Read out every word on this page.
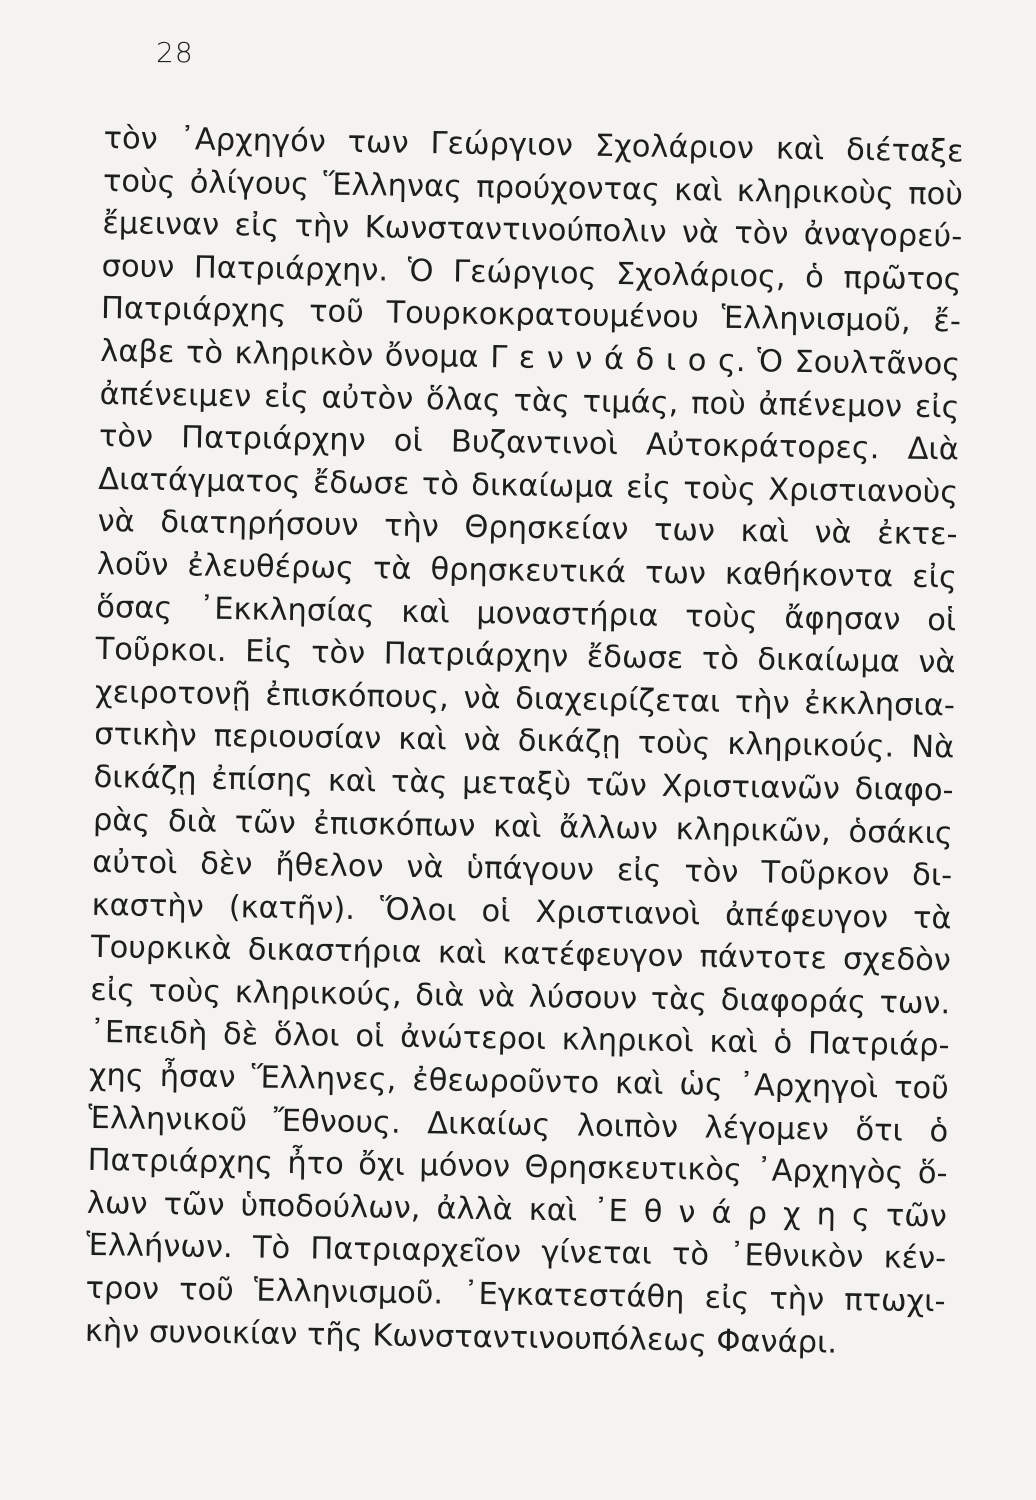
28
τὸν ᾿Αρχηγόν των Γεώργιον Σχολάριον καὶ διέταξε
τοὺς ὀλίγους Ἕλληνας προύχοντας καὶ κληρικοὺς ποὺ
ἔμειναν εἰς τὴν Κωνσταντινούπολιν νὰ τὸν ἀναγορεύ-
σουν Πατριάρχην. Ὁ Γεώργιος Σχολάριος, ὁ πρῶτος
Πατριάρχης τοῦ Τουρκοκρατουμένου Ἑλληνισμοῦ, ἔ-
λαβε τὸ κληρικὸν ὄνομα Γ ε ν ν ά δ ι ο ς. Ὁ Σουλτᾶνος
ἀπένειμεν εἰς αὐτὸν ὅλας τὰς τιμάς, ποὺ ἀπένεμον εἰς
τὸν Πατριάρχην οἱ Βυζαντινοὶ Αὐτοκράτορες. Διὰ
Διατάγματος ἔδωσε τὸ δικαίωμα εἰς τοὺς Χριστιανοὺς
νὰ διατηρήσουν τὴν Θρησκείαν των καὶ νὰ ἐκτε-
λοῦν ἐλευθέρως τὰ θρησκευτικά των καθήκοντα εἰς
ὅσας ᾿Εκκλησίας καὶ μοναστήρια τοὺς ἄφησαν οἱ
Τοῦρκοι. Εἰς τὸν Πατριάρχην ἔδωσε τὸ δικαίωμα νὰ
χειροτονῇ ἐπισκόπους, νὰ διαχειρίζεται τὴν ἐκκλησια-
στικὴν περιουσίαν καὶ νὰ δικάζῃ τοὺς κληρικούς. Νὰ
δικάζῃ ἐπίσης καὶ τὰς μεταξὺ τῶν Χριστιανῶν διαφο-
ρὰς διὰ τῶν ἐπισκόπων καὶ ἄλλων κληρικῶν, ὁσάκις
αὐτοὶ δὲν ἤθελον νὰ ὑπάγουν εἰς τὸν Τοῦρκον δι-
καστὴν (κατῆν). Ὅλοι οἱ Χριστιανοὶ ἀπέφευγον τὰ
Τουρκικὰ δικαστήρια καὶ κατέφευγον πάντοτε σχεδὸν
εἰς τοὺς κληρικούς, διὰ νὰ λύσουν τὰς διαφοράς των.
᾿Επειδὴ δὲ ὅλοι οἱ ἀνώτεροι κληρικοὶ καὶ ὁ Πατριάρ-
χης ἦσαν Ἕλληνες, ἐθεωροῦντο καὶ ὡς ᾿Αρχηγοὶ τοῦ
Ἑλληνικοῦ Ἔθνους. Δικαίως λοιπὸν λέγομεν ὅτι ὁ
Πατριάρχης ἦτο ὄχι μόνον Θρησκευτικὸς ᾿Αρχηγὸς ὅ-
λων τῶν ὑποδούλων, ἀλλὰ καὶ ᾿Ε θ ν ά ρ χ η ς τῶν
Ἑλλήνων. Τὸ Πατριαρχεῖον γίνεται τὸ ᾿Εθνικὸν κέν-
τρον τοῦ Ἑλληνισμοῦ. ᾿Εγκατεστάθη εἰς τὴν πτωχι-
κὴν συνοικίαν τῆς Κωνσταντινουπόλεως Φανάρι.
